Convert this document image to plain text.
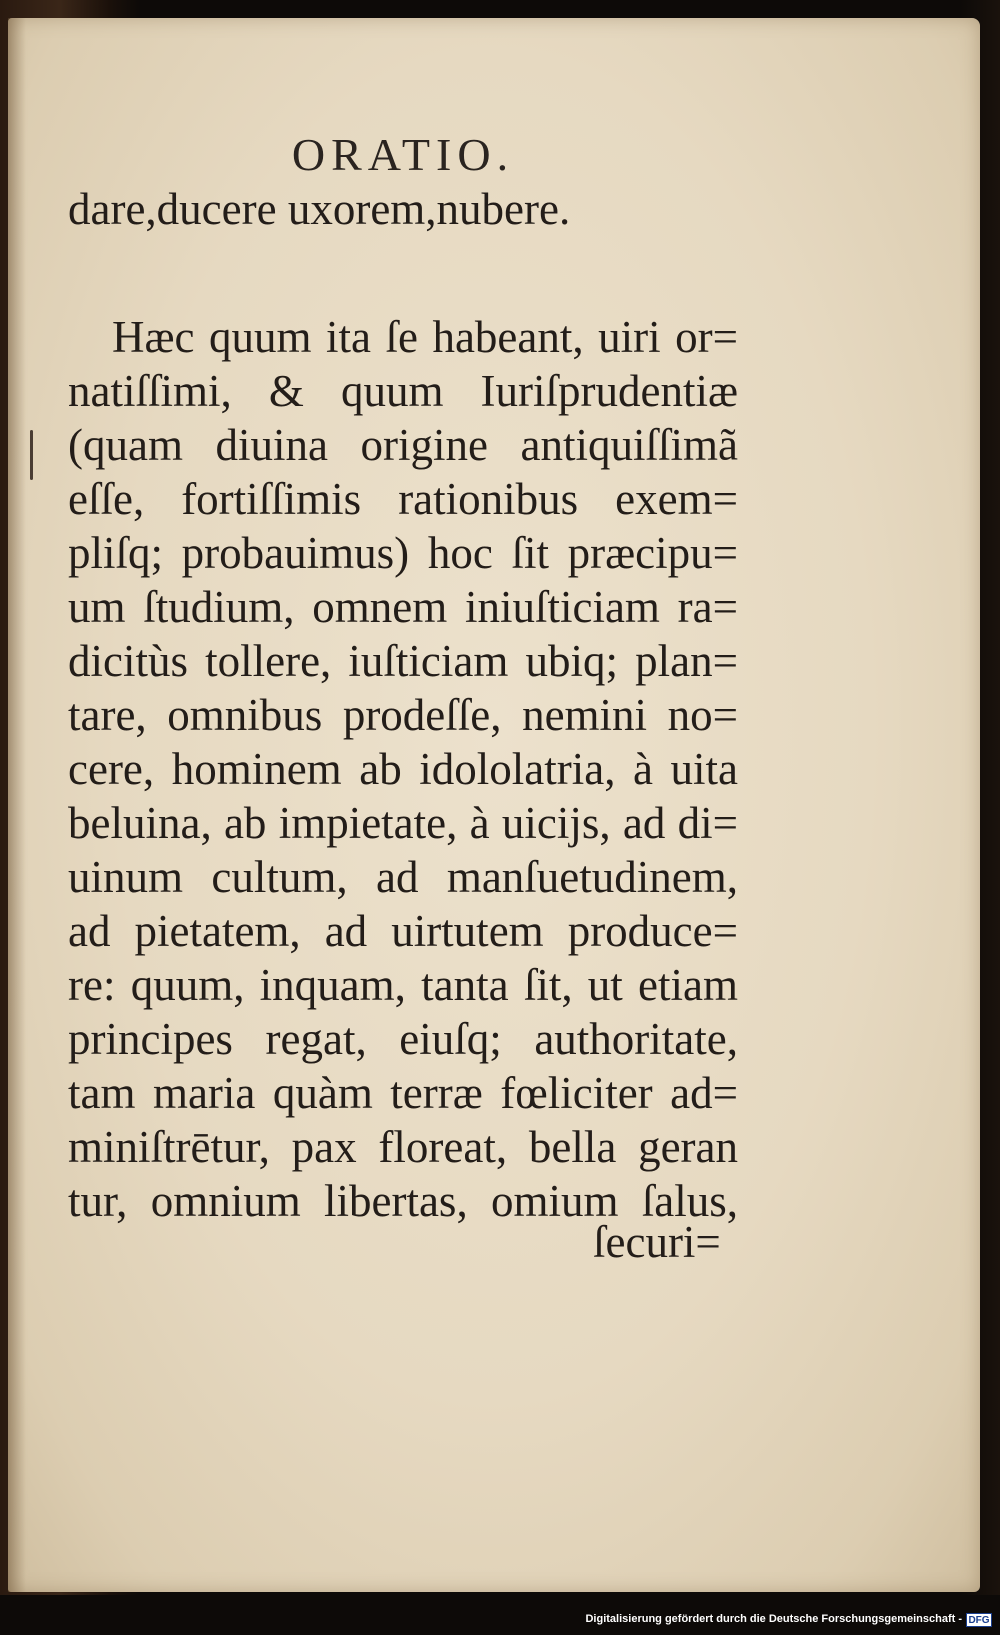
ORATIO.
dare,ducere uxorem,nubere.
Hæc quum ita ſe habeant, uiri or=
natiſſimi, & quum Iuriſprudentiæ
(quam diuina origine antiquiſſimã
eſſe, fortiſſimis rationibus exem=
pliſq; probauimus) hoc ſit præcipu=
um ſtudium, omnem iniuſticiam ra=
dicitùs tollere, iuſticiam ubiq; plan=
tare, omnibus prodeſſe, nemini no=
cere, hominem ab idololatria, à uita
beluina, ab impietate, à uicijs, ad di=
uinum cultum, ad manſuetudinem,
ad pietatem, ad uirtutem produce=
re: quum, inquam, tanta ſit, ut etiam
principes regat, eiuſq; authoritate,
tam maria quàm terræ fœliciter ad=
miniſtrētur, pax floreat, bella geran
tur, omnium libertas, omium ſalus,
ſecuri=
Digitalisierung gefördert durch die Deutsche Forschungsgemeinschaft - DFG
